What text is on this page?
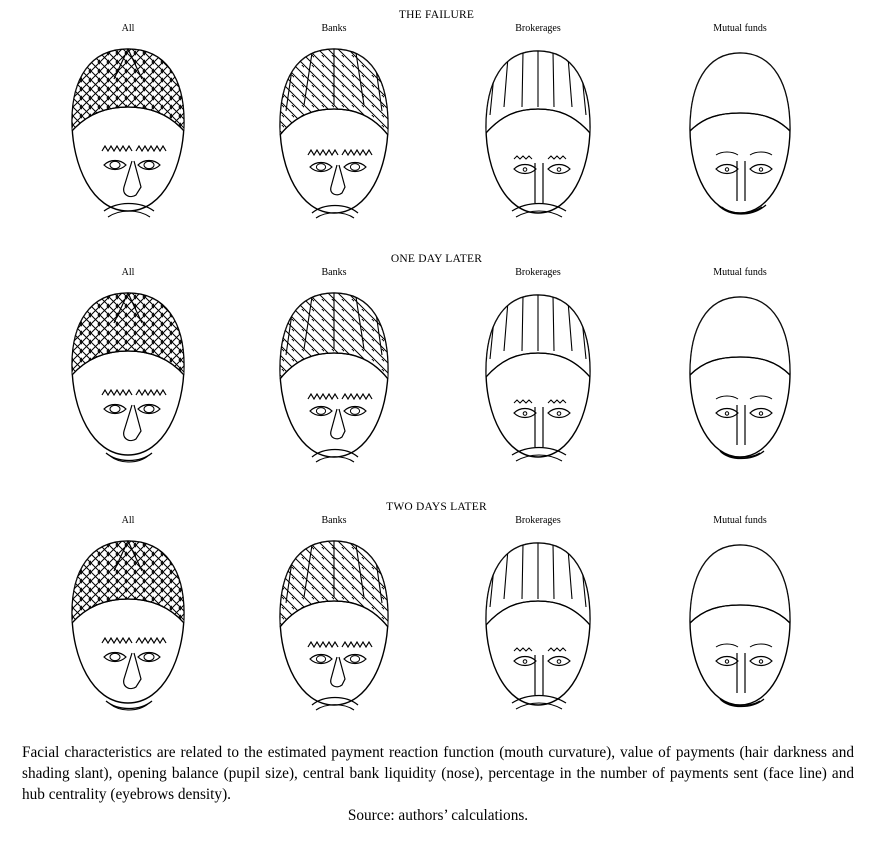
THE FAILURE
All	Banks	Brokerages	Mutual funds
ONE DAY LATER
All	Banks	Brokerages	Mutual funds
TWO DAYS LATER
All	Banks	Brokerages	Mutual funds

Facial characteristics are related to the estimated payment reaction function (mouth curvature), value of payments (hair darkness and shading slant), opening balance (pupil size), central bank liquidity (nose), percentage in the number of payments sent (face line) and hub centrality (eyebrows density).

Source: authors’ calculations.
